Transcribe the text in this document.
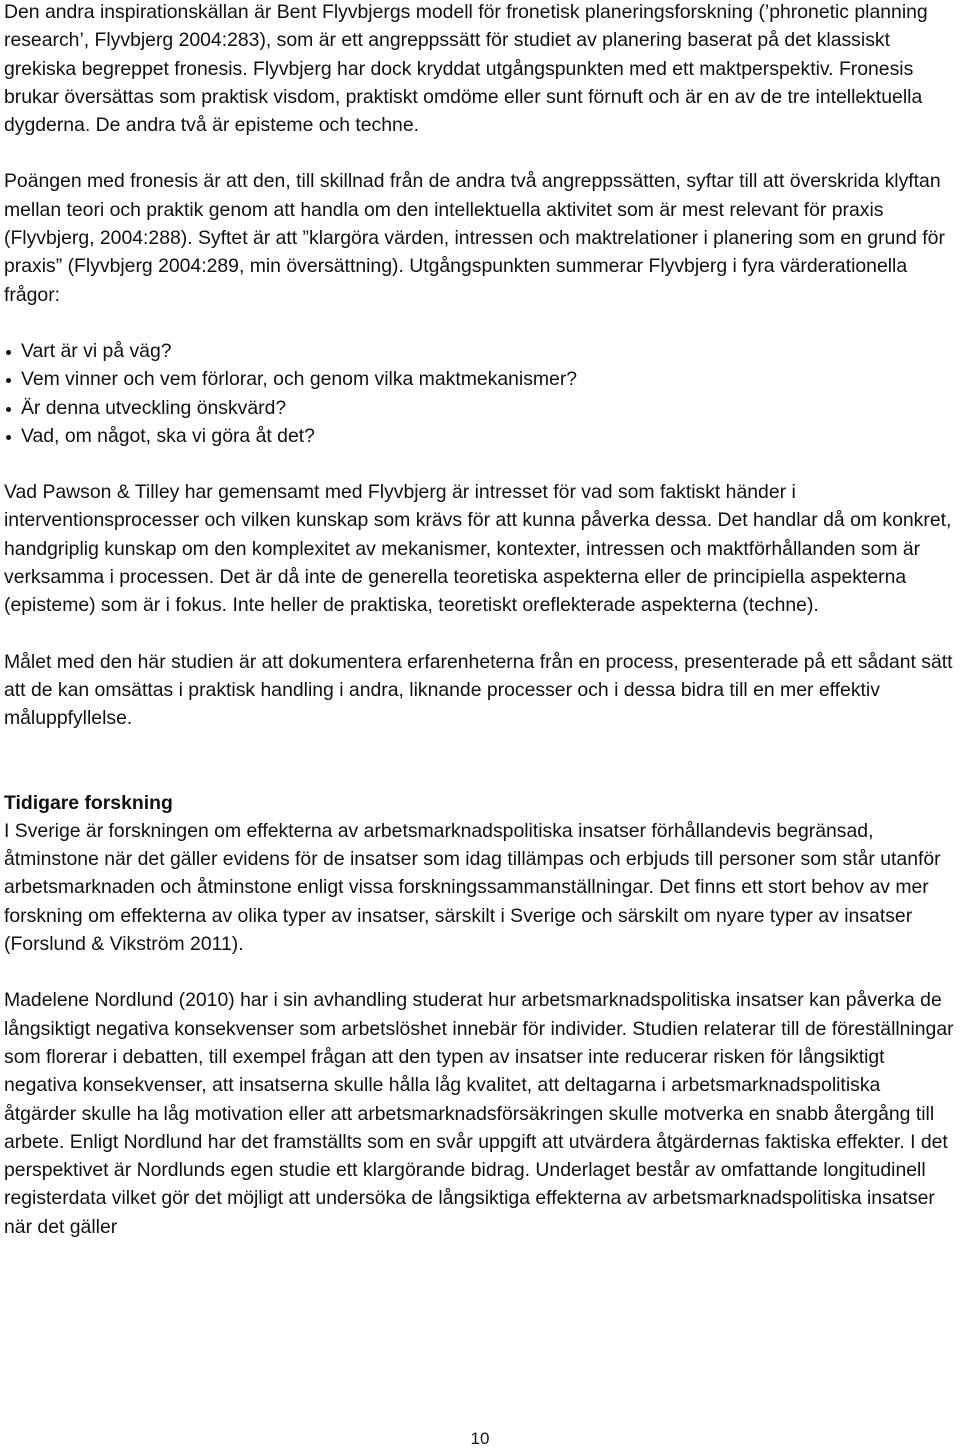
Den andra inspirationskällan är Bent Flyvbjergs modell för fronetisk planeringsforskning (’phronetic planning research’, Flyvbjerg 2004:283), som är ett angreppssätt för studiet av planering baserat på det klassiskt grekiska begreppet fronesis. Flyvbjerg har dock kryddat utgångspunkten med ett maktperspektiv. Fronesis brukar översättas som praktisk visdom, praktiskt omdöme eller sunt förnuft och är en av de tre intellektuella dygderna. De andra två är episteme och techne.

Poängen med fronesis är att den, till skillnad från de andra två angreppssätten, syftar till att överskrida klyftan mellan teori och praktik genom att handla om den intellektuella aktivitet som är mest relevant för praxis (Flyvbjerg, 2004:288). Syftet är att ”klargöra värden, intressen och maktrelationer i planering som en grund för praxis” (Flyvbjerg 2004:289, min översättning). Utgångspunkten summerar Flyvbjerg i fyra värderationella frågor:

Vart är vi på väg?
Vem vinner och vem förlorar, och genom vilka maktmekanismer?
Är denna utveckling önskvärd?
Vad, om något, ska vi göra åt det?

Vad Pawson & Tilley har gemensamt med Flyvbjerg är intresset för vad som faktiskt händer i interventionsprocesser och vilken kunskap som krävs för att kunna påverka dessa. Det handlar då om konkret, handgriplig kunskap om den komplexitet av mekanismer, kontexter, intressen och maktförhållanden som är verksamma i processen. Det är då inte de generella teoretiska aspekterna eller de principiella aspekterna (episteme) som är i fokus. Inte heller de praktiska, teoretiskt oreflekterade aspekterna (techne).

Målet med den här studien är att dokumentera erfarenheterna från en process, presenterade på ett sådant sätt att de kan omsättas i praktisk handling i andra, liknande processer och i dessa bidra till en mer effektiv måluppfyllelse.

Tidigare forskning

I Sverige är forskningen om effekterna av arbetsmarknadspolitiska insatser förhållandevis begränsad, åtminstone när det gäller evidens för de insatser som idag tillämpas och erbjuds till personer som står utanför arbetsmarknaden och åtminstone enligt vissa forskningssammanställningar. Det finns ett stort behov av mer forskning om effekterna av olika typer av insatser, särskilt i Sverige och särskilt om nyare typer av insatser (Forslund & Vikström 2011).

Madelene Nordlund (2010) har i sin avhandling studerat hur arbetsmarknadspolitiska insatser kan påverka de långsiktigt negativa konsekvenser som arbetslöshet innebär för individer. Studien relaterar till de föreställningar som florerar i debatten, till exempel frågan att den typen av insatser inte reducerar risken för långsiktigt negativa konsekvenser, att insatserna skulle hålla låg kvalitet, att deltagarna i arbetsmarknadspolitiska åtgärder skulle ha låg motivation eller att arbetsmarknadsförsäkringen skulle motverka en snabb återgång till arbete. Enligt Nordlund har det framställts som en svår uppgift att utvärdera åtgärdernas faktiska effekter. I det perspektivet är Nordlunds egen studie ett klargörande bidrag. Underlaget består av omfattande longitudinell registerdata vilket gör det möjligt att undersöka de långsiktiga effekterna av arbetsmarknadspolitiska insatser när det gäller

10
